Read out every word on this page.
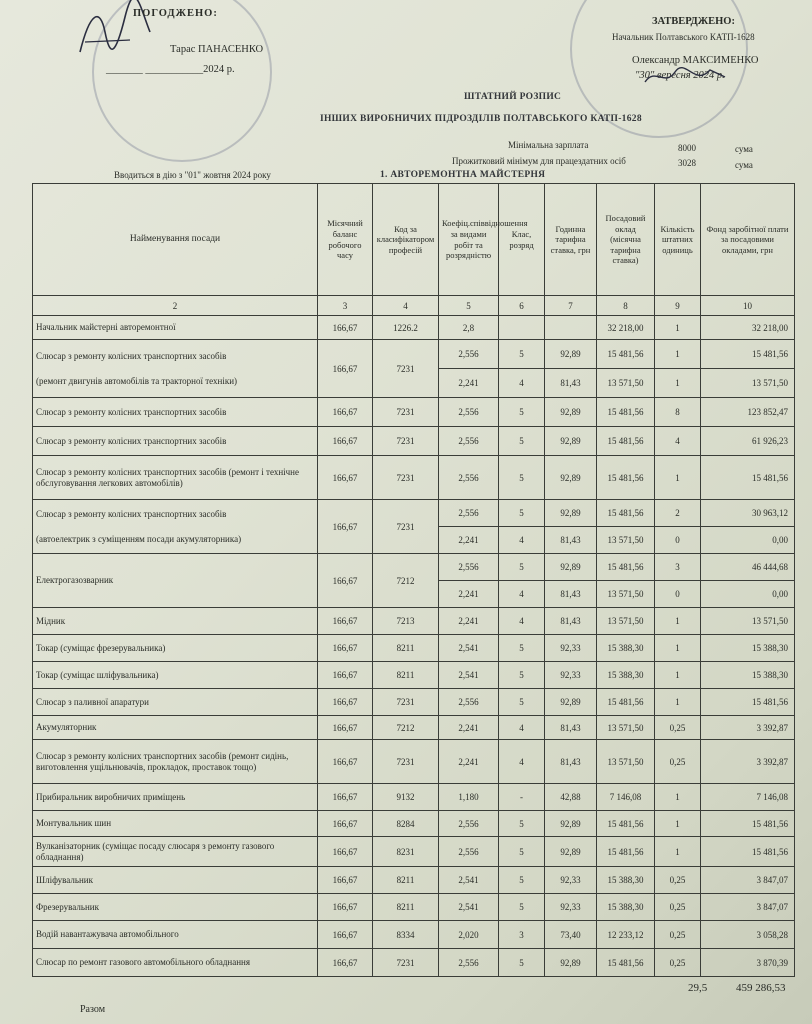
ПОГОДЖЕНО:
Тарас ПАНАСЕНКО
_______ ___________2024 р.
ЗАТВЕРДЖЕНО:
Начальник Полтавського КАТП-1628
Олександр МАКСИМЕНКО
"30" вересня 2024 р.
ШТАТНИЙ РОЗПИС
ІНШИХ ВИРОБНИЧИХ ПІДРОЗДІЛІВ ПОЛТАВСЬКОГО КАТП-1628
Мінімальна зарплата	8000	сума
Прожитковий мінімум для працездатних осіб	3028	сума
Вводиться в дію з "01" жовтня 2024 року	1. АВТОРЕМОНТНА МАЙСТЕРНЯ
Найменування посади	Місячний баланс робочого часу	Код за класифікатором професій	Коефіц.співвідношення за видами робіт та розрядністю	Клас, розряд	Годинна тарифна ставка, грн	Посадовий оклад (місячна тарифна ставка)	Кількість штатних одиниць	Фонд заробітної плати за посадовими окладами, грн
2	3	4	5	6	7	8	9	10
Начальник майстерні авторемонтної	166,67	1226.2	2,8			32 218,00	1	32 218,00

Слюсар з ремонту колісних транспортних засобів
(ремонт двигунів автомобілів та тракторної техніки)	166,67	7231	2,556	5	92,89	15 481,56	1	15 481,56
			2,241	4	81,43	13 571,50	1	13 571,50
Слюсар з ремонту колісних транспортних засобів	166,67	7231	2,556	5	92,89	15 481,56	8	123 852,47
Слюсар з ремонту колісних транспортних засобів	166,67	7231	2,556	5	92,89	15 481,56	4	61 926,23
Слюсар з ремонту колісних транспортних засобів (ремонт і технічне обслуговування легкових автомобілів)	166,67	7231	2,556	5	92,89	15 481,56	1	15 481,56

Слюсар з ремонту колісних транспортних засобів
(автоелектрик з суміщенням посади акумуляторника)	166,67	7231	2,556	5	92,89	15 481,56	2	30 963,12
			2,241	4	81,43	13 571,50	0	0,00
Електрогазозварник	166,67	7212	2,556	5	92,89	15 481,56	3	46 444,68
			2,241	4	81,43	13 571,50	0	0,00
Мідник	166,67	7213	2,241	4	81,43	13 571,50	1	13 571,50
Токар (суміщає фрезерувальника)	166,67	8211	2,541	5	92,33	15 388,30	1	15 388,30
Токар (суміщає шліфувальника)	166,67	8211	2,541	5	92,33	15 388,30	1	15 388,30
Слюсар з паливної апаратури	166,67	7231	2,556	5	92,89	15 481,56	1	15 481,56
Акумуляторник	166,67	7212	2,241	4	81,43	13 571,50	0,25	3 392,87
Слюсар з ремонту колісних транспортних засобів (ремонт сидінь, виготовлення ущільнювачів, прокладок, проставок тощо)	166,67	7231	2,241	4	81,43	13 571,50	0,25	3 392,87
Прибиральник виробничих приміщень	166,67	9132	1,180	-	42,88	7 146,08	1	7 146,08
Монтувальник шин	166,67	8284	2,556	5	92,89	15 481,56	1	15 481,56
Вулканізаторник (суміщає посаду слюсаря з ремонту газового обладнання)	166,67	8231	2,556	5	92,89	15 481,56	1	15 481,56
Шліфувальник	166,67	8211	2,541	5	92,33	15 388,30	0,25	3 847,07
Фрезерувальник	166,67	8211	2,541	5	92,33	15 388,30	0,25	3 847,07
Водій навантажувача автомобільного	166,67	8334	2,020	3	73,40	12 233,12	0,25	3 058,28
Слюсар по ремонт газового автомобільного обладнання	166,67	7231	2,556	5	92,89	15 481,56	0,25	3 870,39
Разом
29,5	459 286,53
